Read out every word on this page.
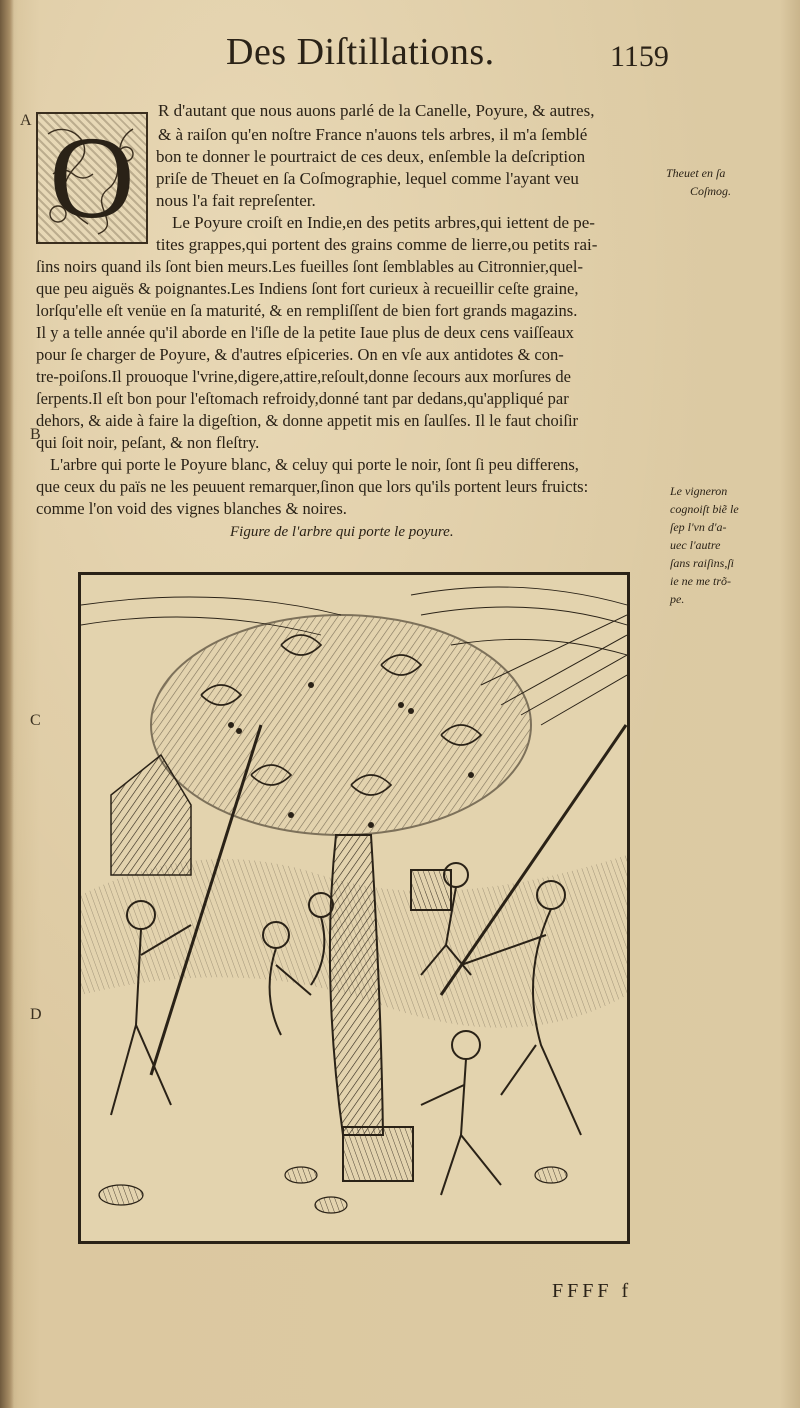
Des Diſtillations.	1159
A
B
C
D
O
R d'autant que nous auons parlé de la Canelle, Poyure, & autres,
& à raiſon qu'en noſtre France n'auons tels arbres, il m'a ſemblé
bon te donner le pourtraict de ces deux, enſemble la deſcription
priſe de Theuet en ſa Coſmographie, lequel comme l'ayant veu
nous l'a fait repreſenter.
Le Poyure croiſt en Indie,en des petits arbres,qui iettent de pe-
tites grappes,qui portent des grains comme de lierre,ou petits rai-
ſins noirs quand ils ſont bien meurs.Les fueilles ſont ſemblables au Citronnier,quel-
que peu aiguës & poignantes.Les Indiens ſont fort curieux à recueillir ceſte graine,
lorſqu'elle eſt venüe en ſa maturité, & en rempliſſent de bien fort grands magazins.
Il y a telle année qu'il aborde en l'iſle de la petite Iaue plus de deux cens vaiſſeaux
pour ſe charger de Poyure, & d'autres eſpiceries. On en vſe aux antidotes & con-
tre-poiſons.Il prouoque l'vrine,digere,attire,reſoult,donne ſecours aux morſures de
ſerpents.Il eſt bon pour l'eſtomach refroidy,donné tant par dedans,qu'appliqué par
dehors, & aide à faire la digeſtion, & donne appetit mis en ſaulſes. Il le faut choiſir
qui ſoit noir, peſant, & non fleſtry.
L'arbre qui porte le Poyure blanc, & celuy qui porte le noir, ſont ſi peu differens,
que ceux du païs ne les peuuent remarquer,ſinon que lors qu'ils portent leurs fruicts:
comme l'on void des vignes blanches & noires.
Theuet en ſa
Coſmog.
Le vigneron
cognoiſt biẽ le
ſep l'vn d'a-
uec l'autre
ſans raiſins,ſi
ie ne me trõ-
pe.
Figure de l'arbre qui porte le poyure.
FFFF f
